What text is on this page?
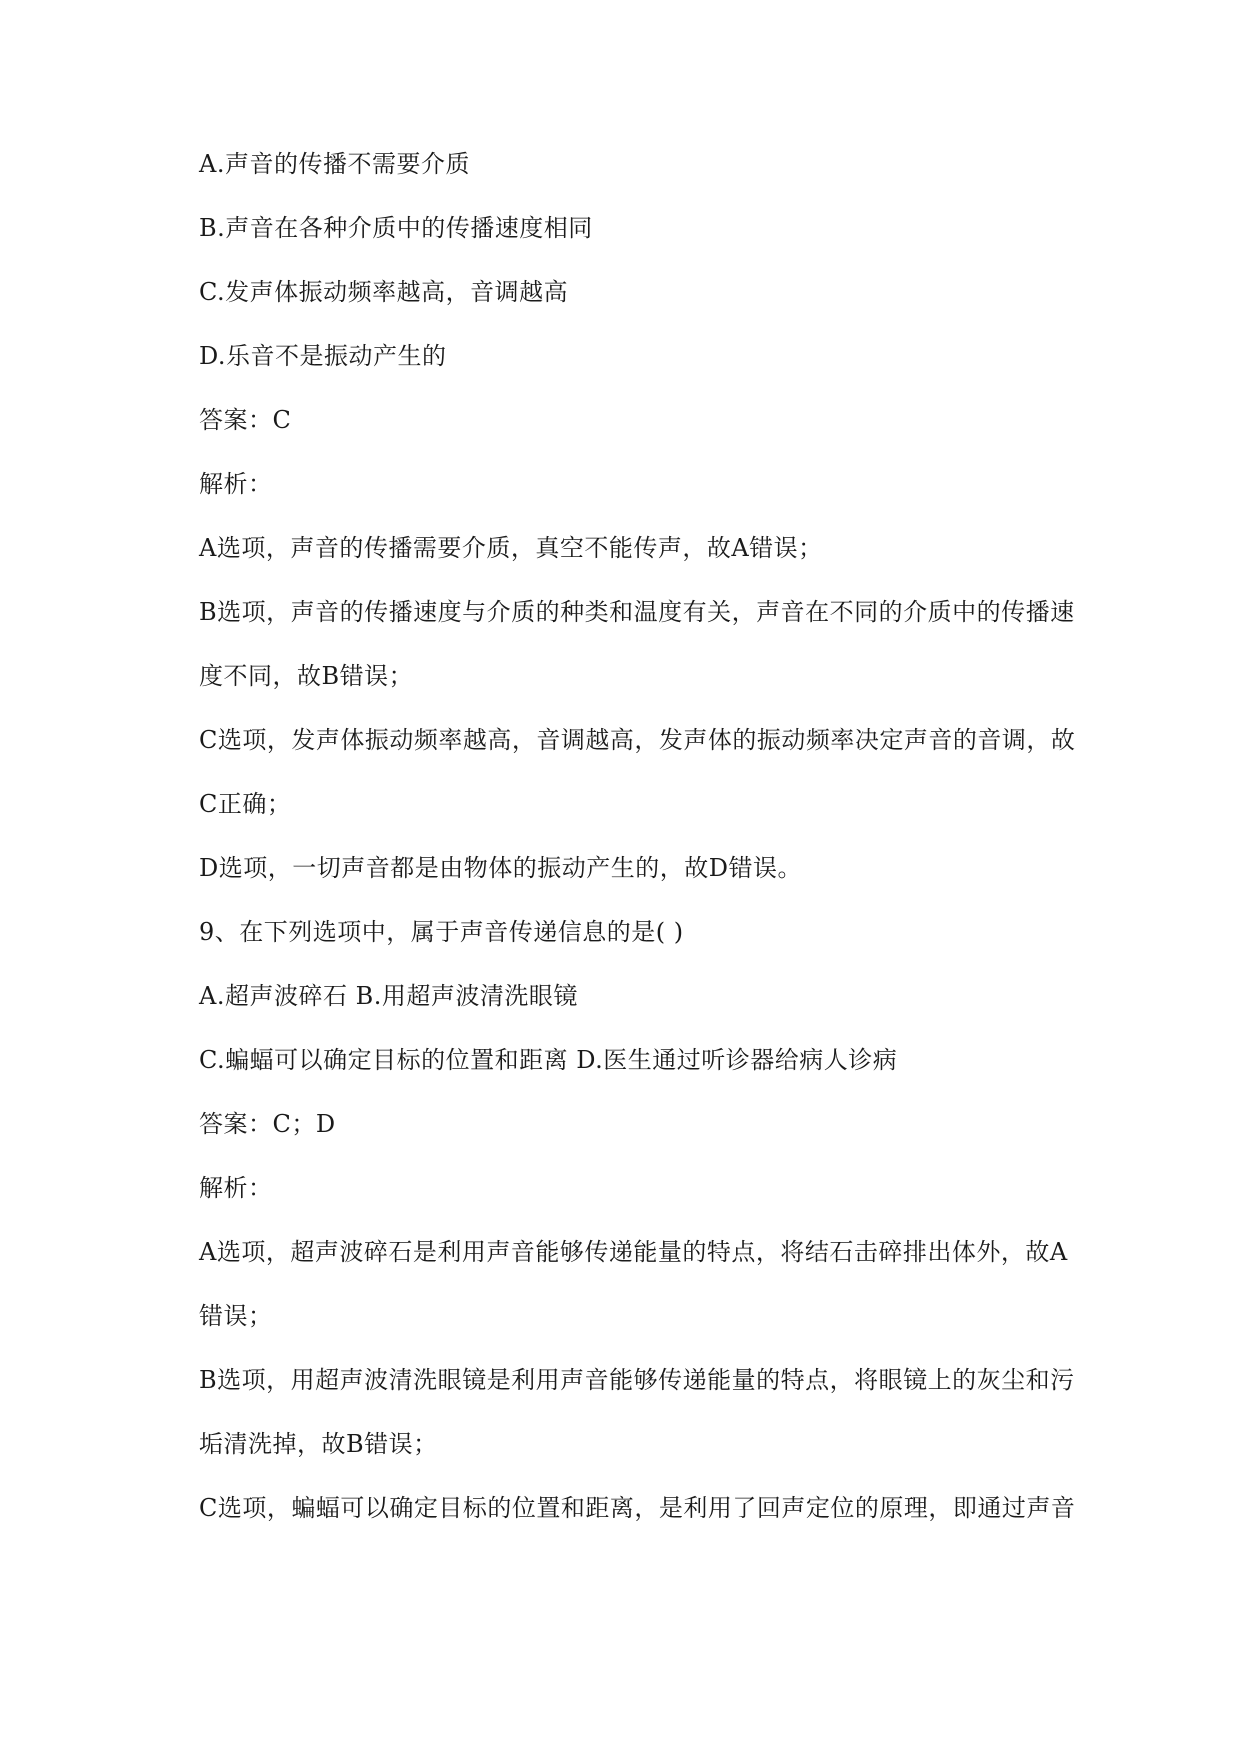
A.声音的传播不需要介质
B.声音在各种介质中的传播速度相同
C.发声体振动频率越高，音调越高
D.乐音不是振动产生的
答案：C
解析：
A选项，声音的传播需要介质，真空不能传声，故A错误；
B选项，声音的传播速度与介质的种类和温度有关，声音在不同的介质中的传播速
度不同，故B错误；
C选项，发声体振动频率越高，音调越高，发声体的振动频率决定声音的音调，故
C正确；
D选项，一切声音都是由物体的振动产生的，故D错误。
9、在下列选项中，属于声音传递信息的是( )
A.超声波碎石 B.用超声波清洗眼镜
C.蝙蝠可以确定目标的位置和距离 D.医生通过听诊器给病人诊病
答案：C；D
解析：
A选项，超声波碎石是利用声音能够传递能量的特点，将结石击碎排出体外，故A
错误；
B选项，用超声波清洗眼镜是利用声音能够传递能量的特点，将眼镜上的灰尘和污
垢清洗掉，故B错误；
C选项，蝙蝠可以确定目标的位置和距离，是利用了回声定位的原理，即通过声音
